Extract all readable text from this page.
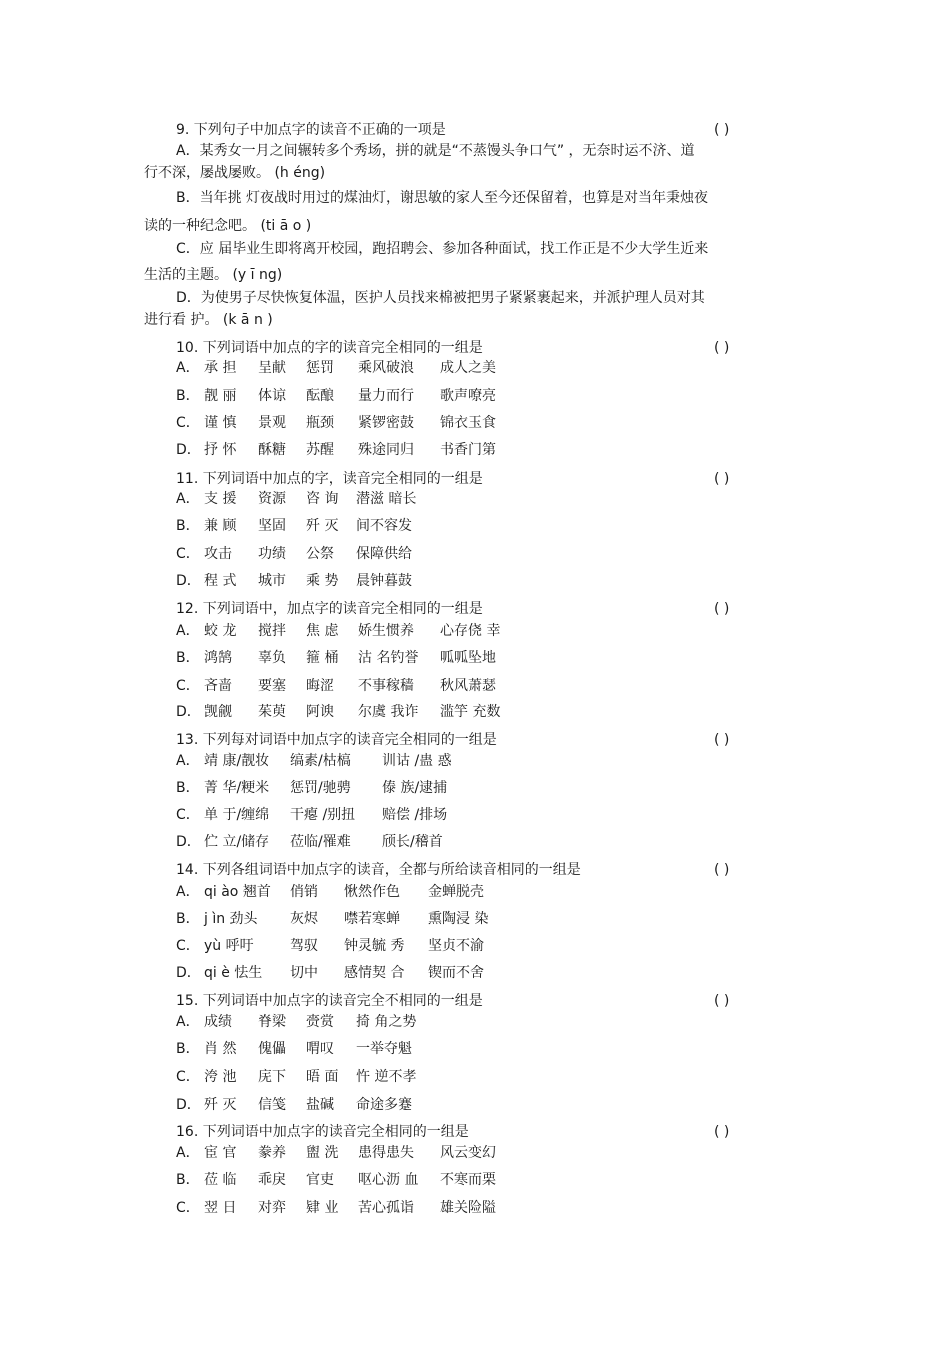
9. 下列句子中加点字的读音不正确的一项是	( )
A．某秀女一月之间辗转多个秀场，拼的就是“不蒸馒头争口气” ，无奈时运不济、道
行不深，屡战屡败。 (h éng)
B．当年挑 灯夜战时用过的煤油灯，谢思敏的家人至今还保留着，也算是对当年秉烛夜
读的一种纪念吧。 (ti ā o )
C．应 届毕业生即将离开校园，跑招聘会、参加各种面试，找工作正是不少大学生近来
生活的主题。 (y ī ng)
D．为使男子尽快恢复体温，医护人员找来棉被把男子紧紧裹起来，并派护理人员对其
进行看 护。 (k ā n )
10. 下列词语中加点的字的读音完全相同的一组是	( )
A． 承 担 呈献 惩罚 乘风破浪 成人之美
B． 靓 丽 体谅 酝酿 量力而行 歌声嘹亮
C． 谨 慎 景观 瓶颈 紧锣密鼓 锦衣玉食
D． 抒 怀 酥糖 苏醒 殊途同归 书香门第
11. 下列词语中加点的字，读音完全相同的一组是	( )
A． 支 援 资源 咨 询 潜滋 暗长
B． 兼 顾 坚固 歼 灭 间不容发
C． 攻击 功绩 公祭 保障供给
D． 程 式 城市 乘 势 晨钟暮鼓
12. 下列词语中，加点字的读音完全相同的一组是	( )
A． 蛟 龙 搅拌 焦 虑 娇生惯养 心存侥 幸
B． 鸿鹄 辜负 箍 桶 沽 名钓誉 呱呱坠地
C． 吝啬 要塞 晦涩 不事稼穑 秋风萧瑟
D． 觊觎 茱萸 阿谀 尔虞 我诈 滥竽 充数
13. 下列每对词语中加点字的读音完全相同的一组是	( )
A． 靖 康/靓妆 缟素/枯槁 训诂 /蛊 惑
B． 菁 华/粳米 惩罚/驰骋 傣 族/逮捕
C． 单 于/缠绵 干瘪 /别扭 赔偿 /排场
D． 伫 立/储存 莅临/罹难 颀长/稽首
14. 下列各组词语中加点字的读音，全都与所给读音相同的一组是	( )
A． qi ào 翘首 俏销 愀然作色 金蝉脱壳
B． j ìn 劲头 灰烬 噤若寒蝉 熏陶浸 染
C． yù 呼吁	驾驭 钟灵毓 秀 坚贞不渝
D． qi è 怯生 切中 感情契 合 锲而不舍
15. 下列词语中加点字的读音完全不相同的一组是	( )
A． 成绩 脊梁 赍赏 掎 角之势
B． 肖 然 傀儡 喟叹 一举夺魁
C． 洿 池 庑下 晤 面 忤 逆不孝
D． 歼 灭 信笺 盐碱 命途多蹇
16. 下列词语中加点字的读音完全相同的一组是	( )
A． 宦 官 豢养 盥 洗 患得患失 风云变幻
B． 莅 临 乖戾 官吏 呕心沥 血 不寒而栗
C． 翌 日 对弈 肄 业 苦心孤诣 雄关险隘
